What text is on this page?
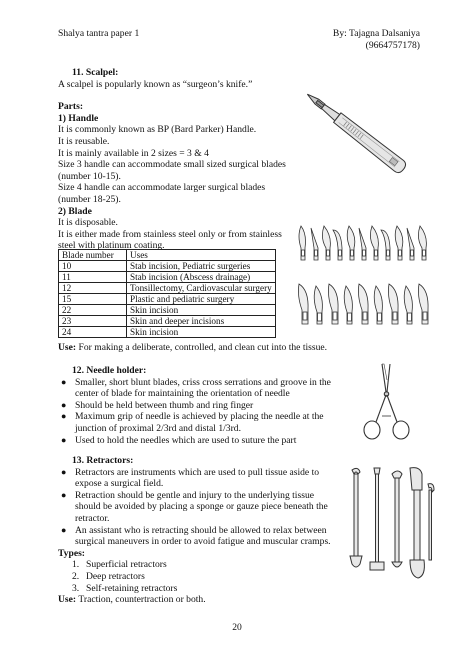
Shalya tantra paper 1	By: Tajagna Dalsaniya
(9664757178)
11. Scalpel:
A scalpel is popularly known as “surgeon’s knife.”
Parts:
1) Handle
It is commonly known as BP (Bard Parker) Handle.
It is reusable.
It is mainly available in 2 sizes = 3 & 4
Size 3 handle can accommodate small sized surgical blades
(number 10-15).
Size 4 handle can accommodate larger surgical blades
(number 18-25).
2) Blade
It is disposable.
It is either made from stainless steel only or from stainless
steel with platinum coating.
Blade number	Uses
10	Stab incision, Pediatric surgeries
11	Stab incision (Abscess drainage)
12	Tonsillectomy, Cardiovascular surgery
15	Plastic and pediatric surgery
22	Skin incision
23	Skin and deeper incisions
24	Skin incision
Use: For making a deliberate, controlled, and clean cut into the tissue.
12. Needle holder:
● Smaller, short blunt blades, criss cross serrations and groove in the
center of blade for maintaining the orientation of needle
● Should be held between thumb and ring finger
● Maximum grip of needle is achieved by placing the needle at the
junction of proximal 2/3rd and distal 1/3rd.
● Used to hold the needles which are used to suture the part
13. Retractors:
● Retractors are instruments which are used to pull tissue aside to
expose a surgical field.
● Retraction should be gentle and injury to the underlying tissue
should be avoided by placing a sponge or gauze piece beneath the
retractor.
● An assistant who is retracting should be allowed to relax between
surgical maneuvers in order to avoid fatigue and muscular cramps.
Types:
1. Superficial retractors
2. Deep retractors
3. Self-retaining retractors
Use: Traction, countertraction or both.
20
